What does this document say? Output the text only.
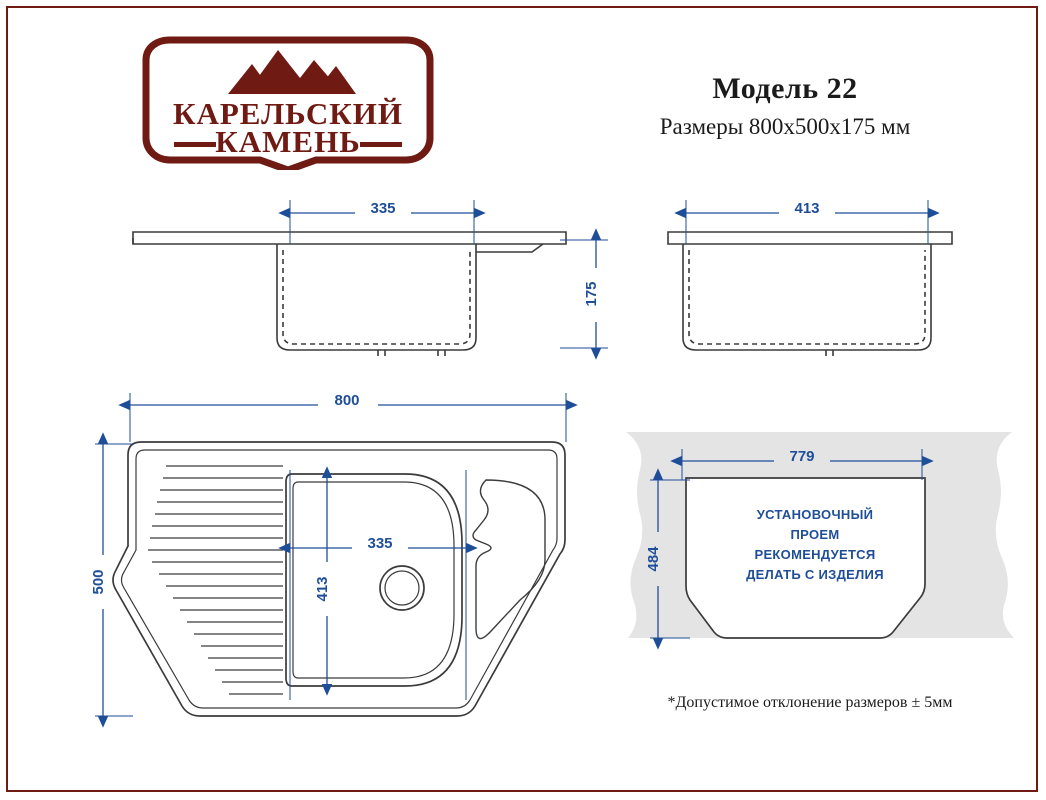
КАРЕЛЬСКИЙ
КАМЕНЬ
Модель 22
Размеры 800x500x175 мм
335
175
413
800
500
335
413
779
484
УСТАНОВОЧНЫЙ
ПРОЕМ
РЕКОМЕНДУЕТСЯ
ДЕЛАТЬ С ИЗДЕЛИЯ
*Допустимое отклонение размеров ± 5мм
